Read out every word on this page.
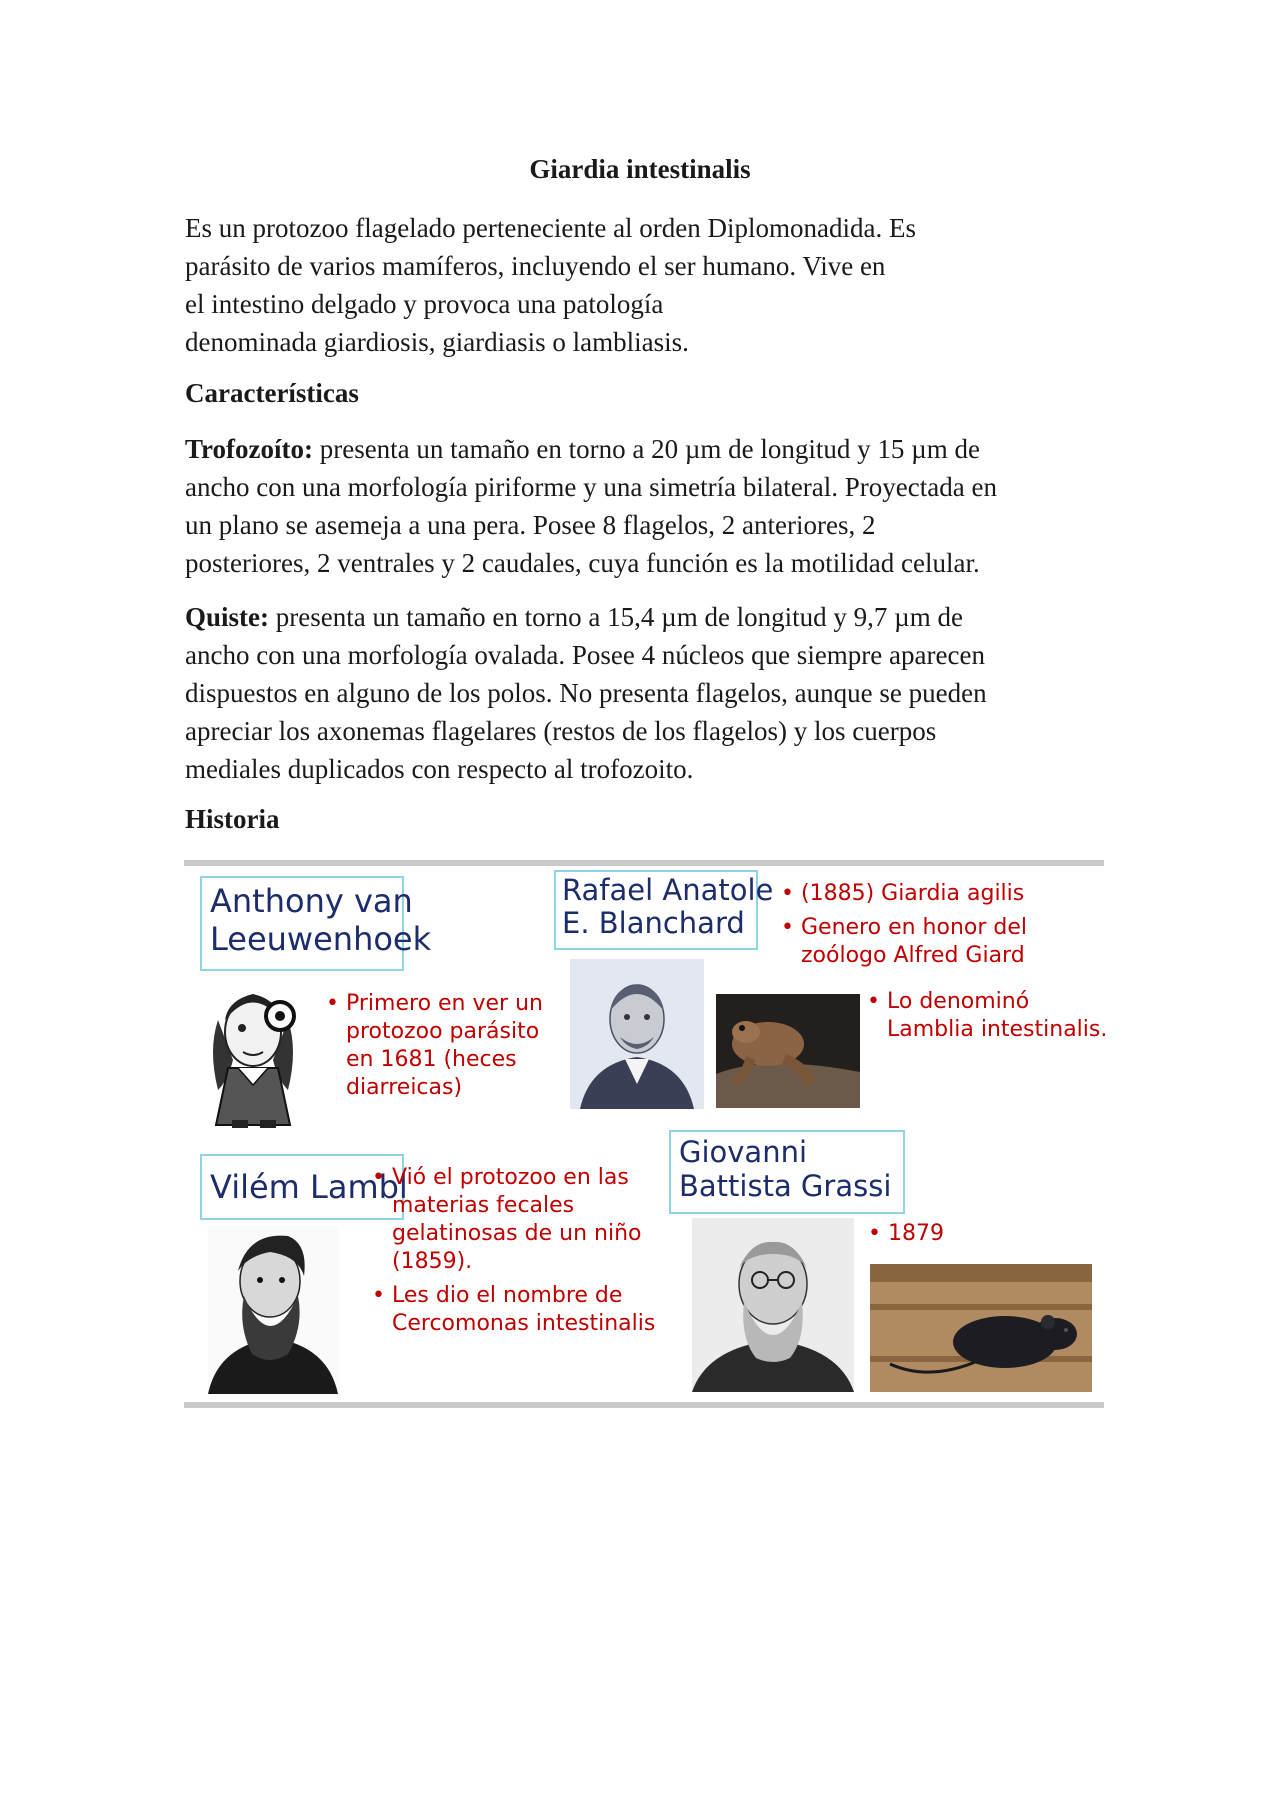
Giardia intestinalis

Es un protozoo flagelado perteneciente al orden Diplomonadida. Es
parásito de varios mamíferos, incluyendo el ser humano. Vive en
el intestino delgado y provoca una patología
denominada giardiosis, giardiasis o lambliasis.

Características

Trofozoíto: presenta un tamaño en torno a 20 µm de longitud y 15 µm de
ancho con una morfología piriforme y una simetría bilateral. Proyectada en
un plano se asemeja a una pera. Posee 8 flagelos, 2 anteriores, 2
posteriores, 2 ventrales y 2 caudales, cuya función es la motilidad celular.

Quiste: presenta un tamaño en torno a 15,4 µm de longitud y 9,7 µm de
ancho con una morfología ovalada. Posee 4 núcleos que siempre aparecen
dispuestos en alguno de los polos. No presenta flagelos, aunque se pueden
apreciar los axonemas flagelares (restos de los flagelos) y los cuerpos
mediales duplicados con respecto al trofozoito.

Historia
Anthony van
Leeuwenhoek
• Primero en ver un
protozoo parásito
en 1681 (heces
diarreicas)
Rafael Anatole
E. Blanchard
• (1885) Giardia agilis
• Genero en honor del
zoólogo Alfred Giard
• Lo denominó
Lamblia intestinalis.
Vilém Lambl
• Vió el protozoo en las
materias fecales
gelatinosas de un niño
(1859).
• Les dio el nombre de
Cercomonas intestinalis
Giovanni
Battista Grassi
• 1879
